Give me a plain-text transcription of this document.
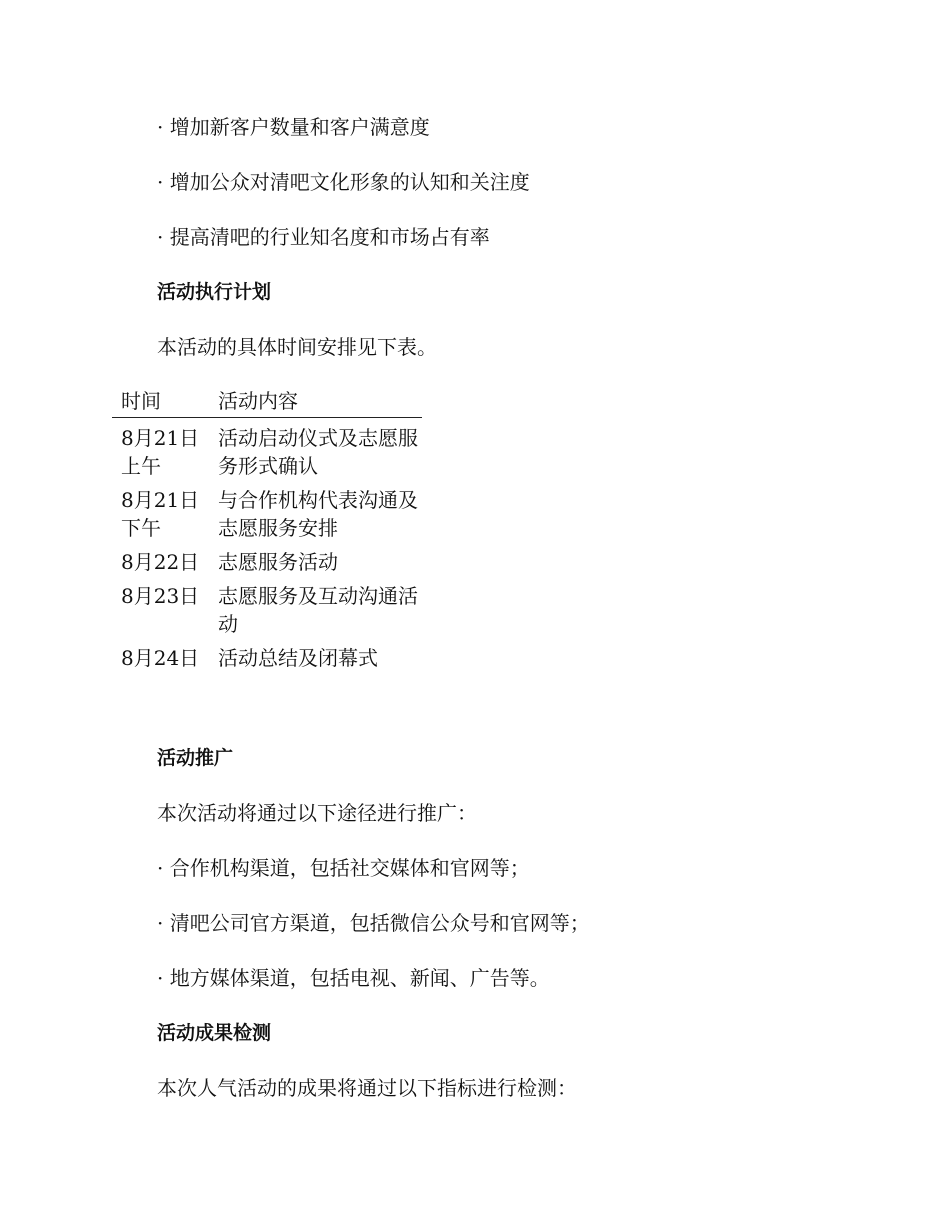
· 增加新客户数量和客户满意度
· 增加公众对清吧文化形象的认知和关注度
· 提高清吧的行业知名度和市场占有率
活动执行计划
本活动的具体时间安排见下表。
时间	活动内容
8月21日上午
活动启动仪式及志愿服务形式确认
8月21日下午
与合作机构代表沟通及志愿服务安排
8月22日 志愿服务活动
8月23日 志愿服务及互动沟通活动
8月24日 活动总结及闭幕式
活动推广
本次活动将通过以下途径进行推广：
· 合作机构渠道，包括社交媒体和官网等；
· 清吧公司官方渠道，包括微信公众号和官网等；
· 地方媒体渠道，包括电视、新闻、广告等。
活动成果检测
本次人气活动的成果将通过以下指标进行检测：
